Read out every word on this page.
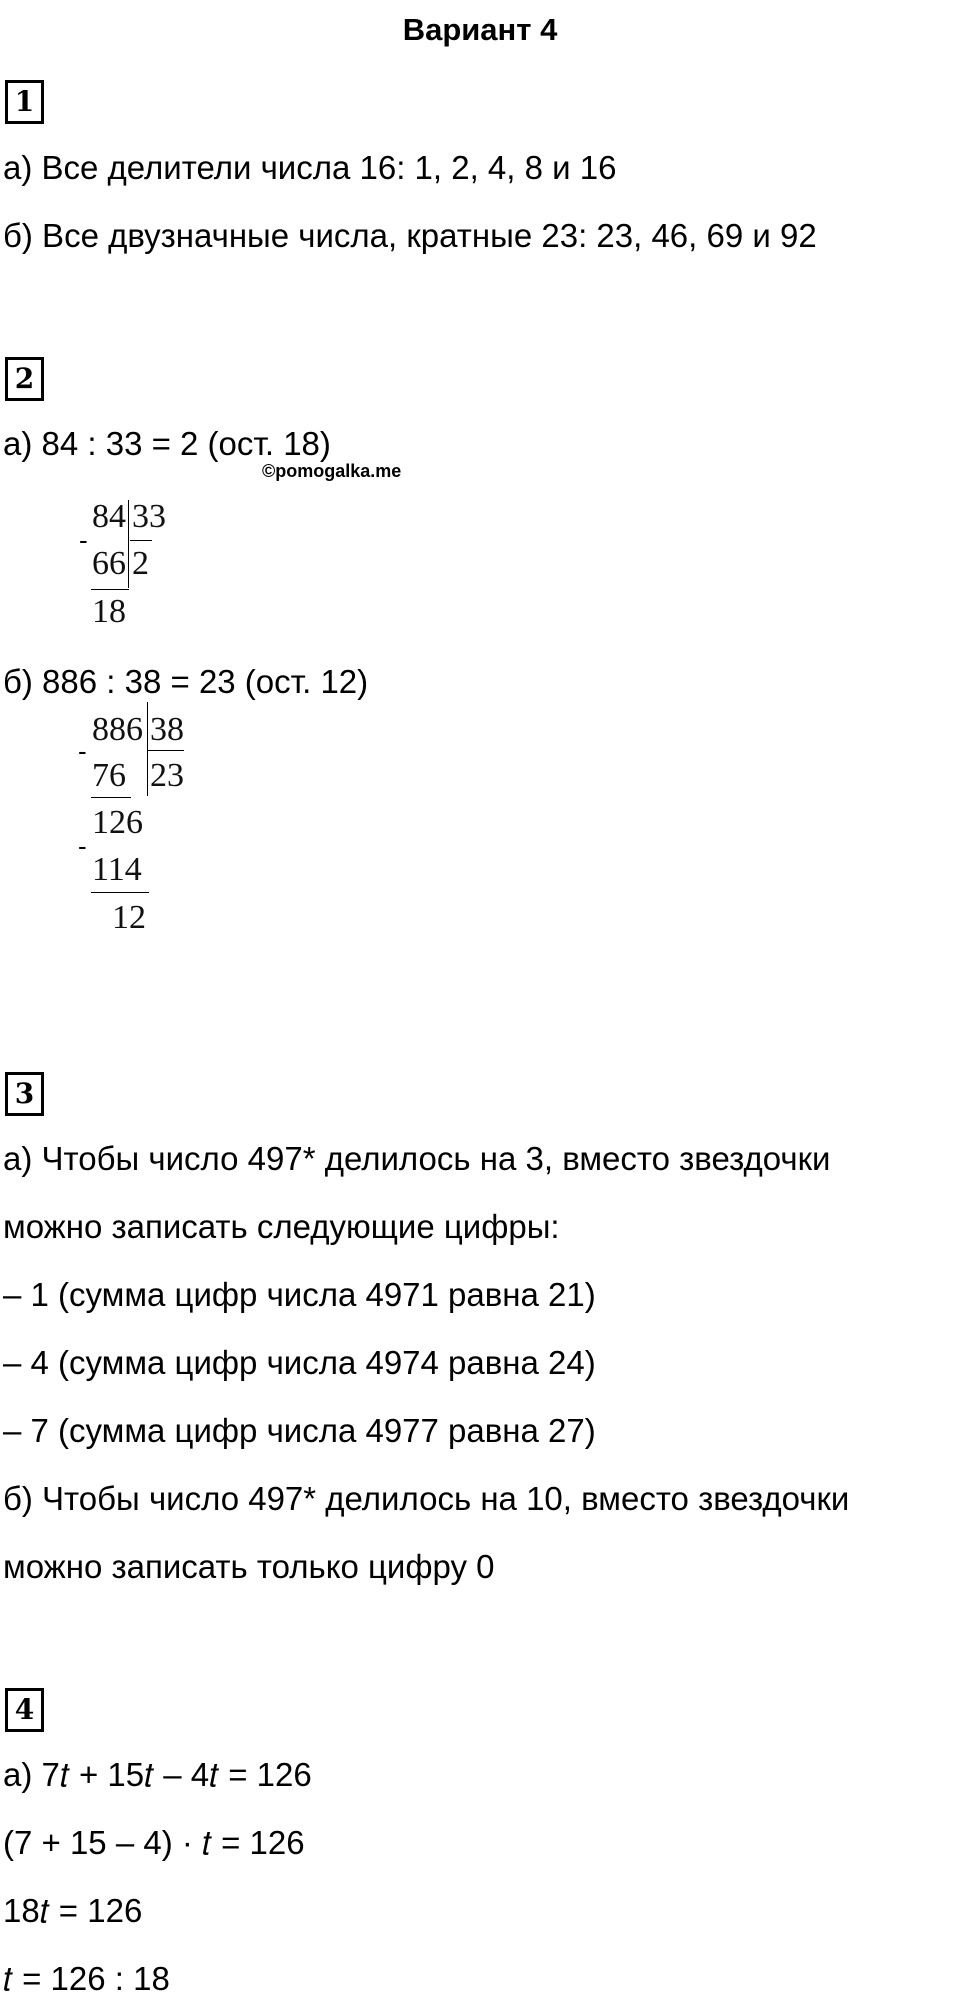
Вариант 4
1
а) Все делители числа 16: 1, 2, 4, 8 и 16
б) Все двузначные числа, кратные 23: 23, 46, 69 и 92
2
а) 84 : 33 = 2 (ост. 18)
©pomogalka.me
84 33
-
66 2
18
б) 886 : 38 = 23 (ост. 12)
886 38
-
76 23
126
-
114
12
3
а) Чтобы число 497* делилось на 3, вместо звездочки
можно записать следующие цифры:
– 1 (сумма цифр числа 4971 равна 21)
– 4 (сумма цифр числа 4974 равна 24)
– 7 (сумма цифр числа 4977 равна 27)
б) Чтобы число 497* делилось на 10, вместо звездочки
можно записать только цифру 0
4
а) 7𝑡 + 15𝑡 – 4𝑡 = 126
(7 + 15 – 4) · 𝑡 = 126
18𝑡 = 126
𝑡 = 126 : 18
